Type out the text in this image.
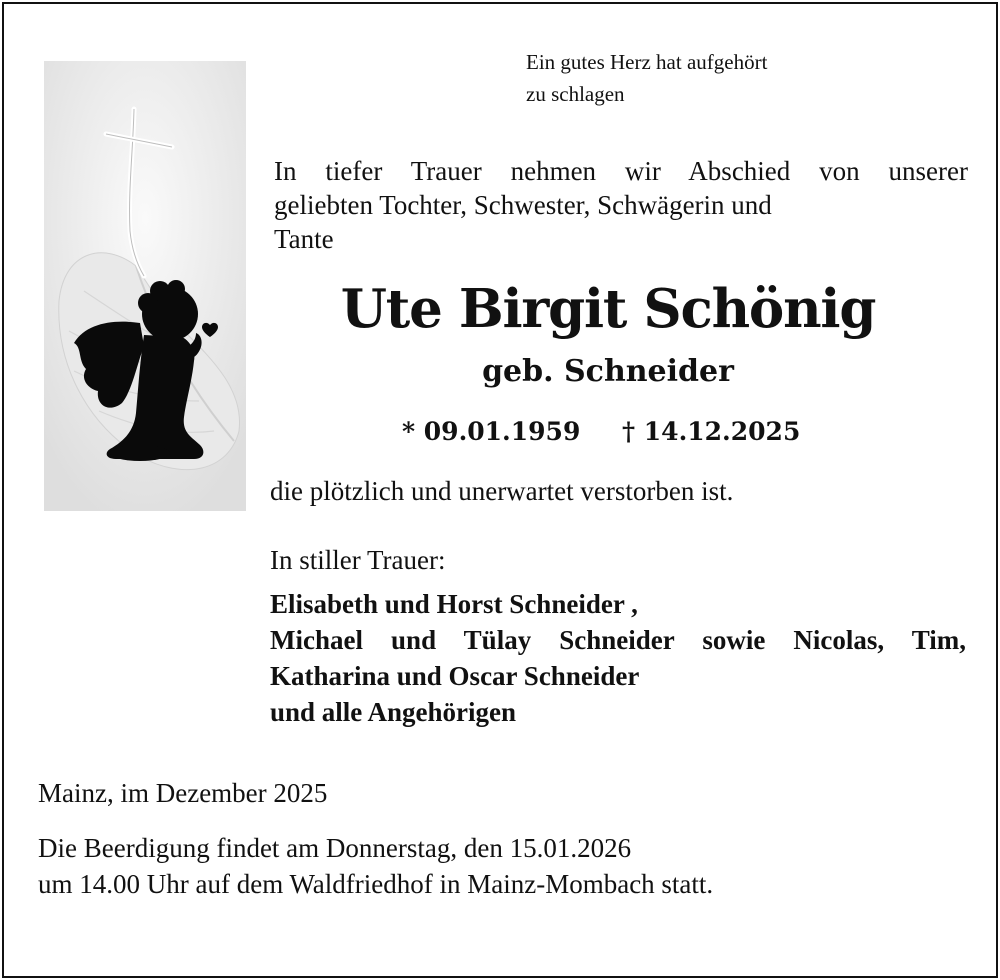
Ein gutes Herz hat aufgehört
zu schlagen
In tiefer Trauer nehmen wir Abschied von unserer
geliebten Tochter, Schwester, Schwägerin und
Tante
Ute Birgit Schönig
geb. Schneider
* 09.01.1959 † 14.12.2025
die plötzlich und unerwartet verstorben ist.
In stiller Trauer:
Elisabeth und Horst Schneider ,
Michael und Tülay Schneider sowie Nicolas, Tim,
Katharina und Oscar Schneider
und alle Angehörigen
Mainz, im Dezember 2025
Die Beerdigung findet am Donnerstag, den 15.01.2026
um 14.00 Uhr auf dem Waldfriedhof in Mainz-Mombach statt.
